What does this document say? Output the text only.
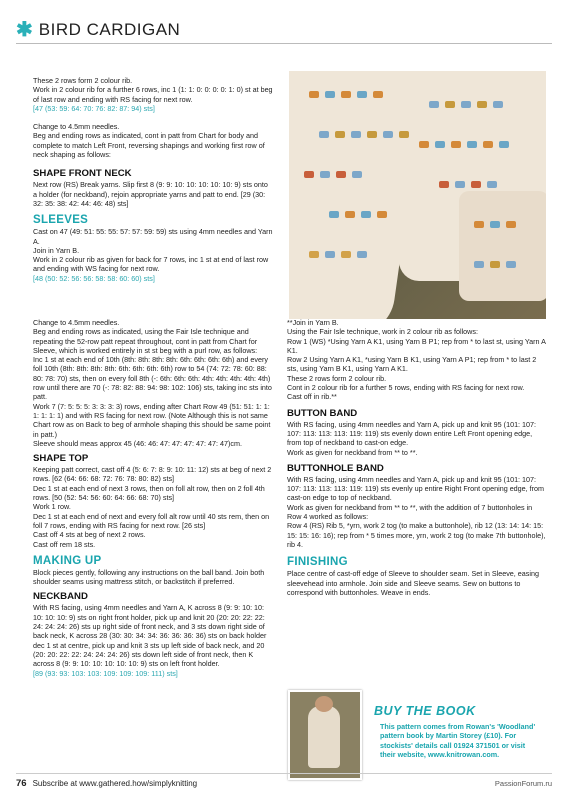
✱ BIRD CARDIGAN

These 2 rows form 2 colour rib.

Work in 2 colour rib for a further 6 rows, inc 1 (1: 1: 0: 0: 0: 0: 1: 0) st at beg of last row and ending with RS facing for next row.

[47 (53: 59: 64: 70: 76: 82: 87: 94) sts]

Change to 4.5mm needles.

Beg and ending rows as indicated, cont in patt from Chart for body and complete to match Left Front, reversing shapings and working first row of neck shaping as follows:

SHAPE FRONT NECK

Next row (RS) Break yarns. Slip first 8 (9: 9: 10: 10: 10: 10: 10: 9) sts onto a holder (for neckband), rejoin appropriate yarns and patt to end. [29 (30: 32: 35: 38: 42: 44: 46: 48) sts]

SLEEVES

Cast on 47 (49: 51: 55: 55: 57: 57: 59: 59) sts using 4mm needles and Yarn A.

Join in Yarn B.

Work in 2 colour rib as given for back for 7 rows, inc 1 st at end of last row and ending with WS facing for next row.

[48 (50: 52: 56: 56: 58: 58: 60: 60) sts]

Change to 4.5mm needles.

Beg and ending rows as indicated, using the Fair Isle technique and repeating the 52-row patt repeat throughout, cont in patt from Chart for Sleeve, which is worked entirely in st st beg with a purl row, as follows:

Inc 1 st at each end of 10th (8th: 8th: 8th: 8th: 6th: 6th: 6th: 6th) and every foll 10th (8th: 8th: 8th: 8th: 6th: 6th: 6th: 6th) row to 54 (74: 72: 78: 60: 88: 80: 78: 70) sts, then on every foll 8th (-: 6th: 6th: 6th: 4th: 4th: 4th: 4th: 4th) row until there are 70 (-: 78: 82: 88: 94: 98: 102: 106) sts, taking inc sts into patt.

Work 7 (7: 5: 5: 5: 3: 3: 3: 3) rows, ending after Chart Row 49 (51: 51: 1: 1: 1: 1: 1: 1) and with RS facing for next row. (Note Although this is not same Chart row as on Back to beg of armhole shaping this should be same point in patt.)

Sleeve should meas approx 45 (46: 46: 47: 47: 47: 47: 47: 47)cm.

SHAPE TOP

Keeping patt correct, cast off 4 (5: 6: 7: 8: 9: 10: 11: 12) sts at beg of next 2 rows. [62 (64: 66: 68: 72: 76: 78: 80: 82) sts]

Dec 1 st at each end of next 3 rows, then on foll alt row, then on 2 foll 4th rows. [50 (52: 54: 56: 60: 64: 66: 68: 70) sts]

Work 1 row.

Dec 1 st at each end of next and every foll alt row until 40 sts rem, then on foll 7 rows, ending with RS facing for next row. [26 sts]

Cast off 4 sts at beg of next 2 rows.

Cast off rem 18 sts.

MAKING UP

Block pieces gently, following any instructions on the ball band. Join both shoulder seams using mattress stitch, or backstitch if preferred.

NECKBAND

With RS facing, using 4mm needles and Yarn A, K across 8 (9: 9: 10: 10: 10: 10: 10: 9) sts on right front holder, pick up and knit 20 (20: 20: 22: 22: 24: 24: 24: 26) sts up right side of front neck, and 3 sts down right side of back neck, K across 28 (30: 30: 34: 34: 36: 36: 36: 36) sts on back holder dec 1 st at centre, pick up and knit 3 sts up left side of back neck, and 20 (20: 20: 22: 22: 24: 24: 24: 26) sts down left side of front neck, then K across 8 (9: 9: 10: 10: 10: 10: 10: 9) sts on left front holder.

[89 (93: 93: 103: 103: 109: 109: 109: 111) sts]

**Join in Yarn B.

Using the Fair Isle technique, work in 2 colour rib as follows:

Row 1 (WS) *Using Yarn A K1, using Yarn B P1; rep from * to last st, using Yarn A K1.

Row 2 Using Yarn A K1, *using Yarn B K1, using Yarn A P1; rep from * to last 2 sts, using Yarn B K1, using Yarn A K1.

These 2 rows form 2 colour rib.

Cont in 2 colour rib for a further 5 rows, ending with RS facing for next row.

Cast off in rib.**

BUTTON BAND

With RS facing, using 4mm needles and Yarn A, pick up and knit 95 (101: 107: 107: 113: 113: 113: 119: 119) sts evenly down entire Left Front opening edge, from top of neckband to cast-on edge.

Work as given for neckband from ** to **.

BUTTONHOLE BAND

With RS facing, using 4mm needles and Yarn A, pick up and knit 95 (101: 107: 107: 113: 113: 113: 119: 119) sts evenly up entire Right Front opening edge, from cast-on edge to top of neckband.

Work as given for neckband from ** to **, with the addition of 7 buttonholes in Row 4 worked as follows:

Row 4 (RS) Rib 5, *yrn, work 2 tog (to make a buttonhole), rib 12 (13: 14: 14: 15: 15: 15: 16: 16); rep from * 5 times more, yrn, work 2 tog (to make 7th buttonhole), rib 4.

FINISHING

Place centre of cast-off edge of Sleeve to shoulder seam. Set in Sleeve, easing sleevehead into armhole. Join side and Sleeve seams. Sew on buttons to correspond with buttonholes. Weave in ends.

BUY THE BOOK
This pattern comes from Rowan's 'Woodland' pattern book by Martin Storey (£10). For stockists' details call 01924 371501 or visit their website, www.knitrowan.com.
76 Subscribe at www.gathered.how/simplyknitting	PassionForum.ru
